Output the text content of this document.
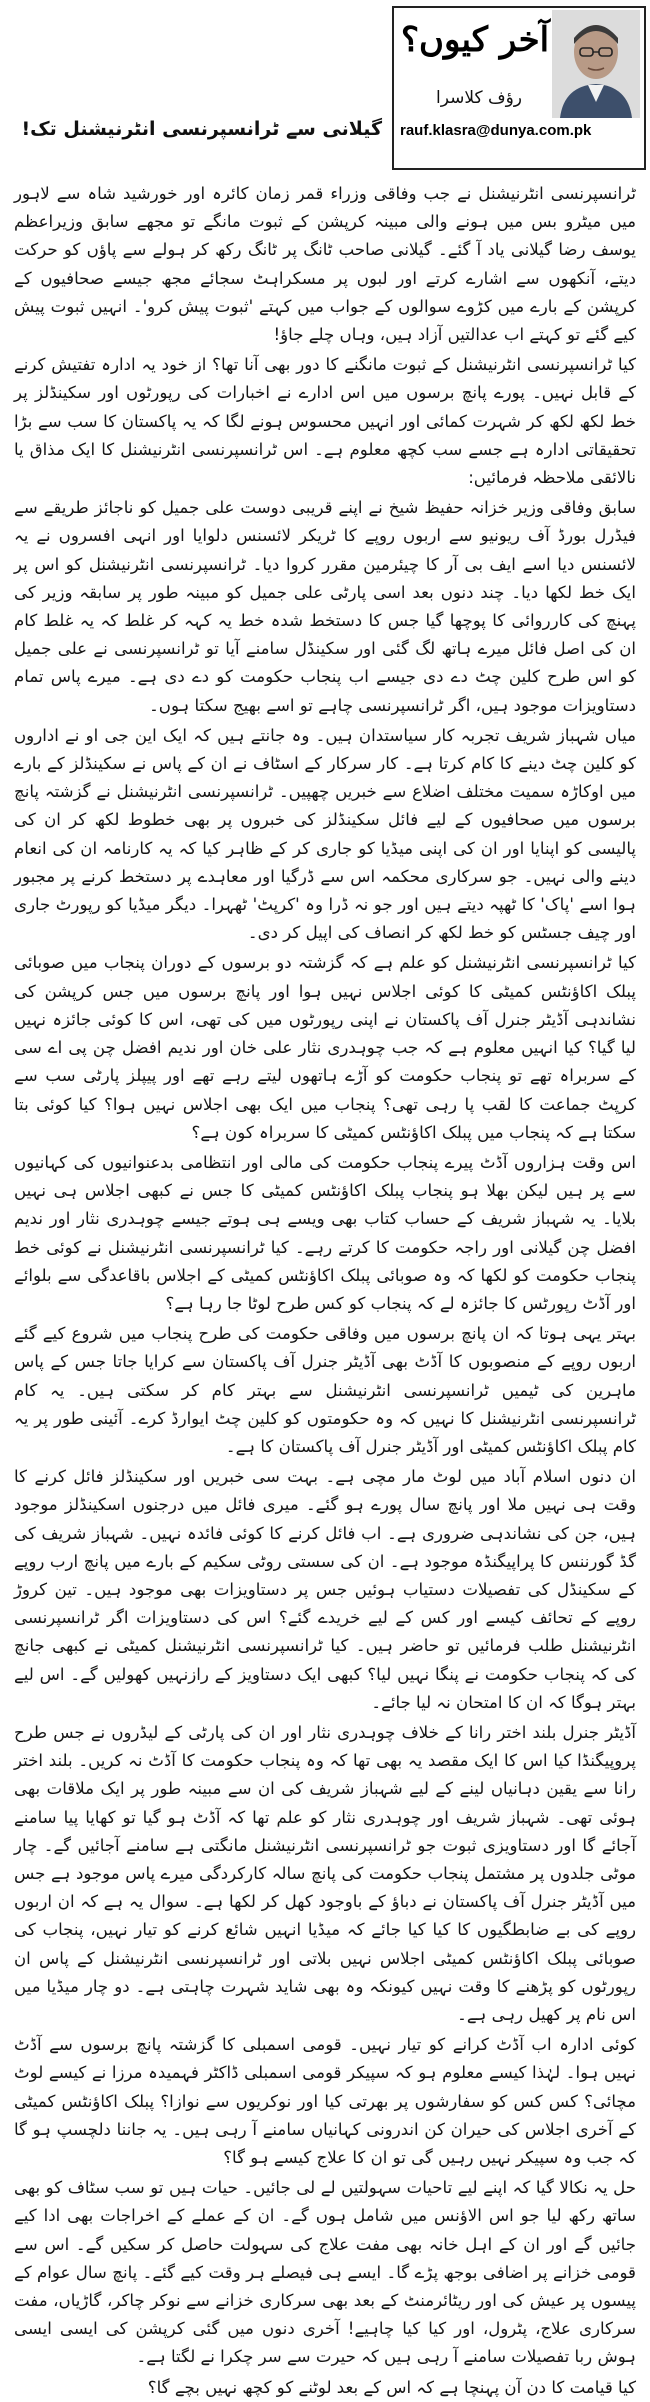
گیلانی سے ٹرانسپرنسی انٹرنیشنل تک!
آخر کیوں؟
رؤف کلاسرا
rauf.klasra@dunya.com.pk

ٹرانسپرنسی انٹرنیشنل نے جب وفاقی وزراء قمر زمان کائرہ اور خورشید شاہ سے لاہور میں میٹرو بس میں ہونے والی مبینہ کرپشن کے ثبوت مانگے تو مجھے سابق وزیراعظم یوسف رضا گیلانی یاد آ گئے۔ گیلانی صاحب ٹانگ پر ٹانگ رکھ کر ہولے سے پاؤں کو حرکت دیتے، آنکھوں سے اشارے کرتے اور لبوں پر مسکراہٹ سجائے مجھ جیسے صحافیوں کے کرپشن کے بارے میں کڑوے سوالوں کے جواب میں کہتے 'ثبوت پیش کرو'۔ انہیں ثبوت پیش کیے گئے تو کہتے اب عدالتیں آزاد ہیں، وہاں چلے جاؤ!

کیا ٹرانسپرنسی انٹرنیشنل کے ثبوت مانگنے کا دور بھی آنا تھا؟ از خود یہ ادارہ تفتیش کرنے کے قابل نہیں۔ پورے پانچ برسوں میں اس ادارے نے اخبارات کی رپورٹوں اور سکینڈلز پر خط لکھ لکھ کر شہرت کمائی اور انہیں محسوس ہونے لگا کہ یہ پاکستان کا سب سے بڑا تحقیقاتی ادارہ ہے جسے سب کچھ معلوم ہے۔ اس ٹرانسپرنسی انٹرنیشنل کا ایک مذاق یا نالائقی ملاحظہ فرمائیں:

سابق وفاقی وزیر خزانہ حفیظ شیخ نے اپنے قریبی دوست علی جمیل کو ناجائز طریقے سے فیڈرل بورڈ آف ریونیو سے اربوں روپے کا ٹریکر لائسنس دلوایا اور انہی افسروں نے یہ لائسنس دیا اسے ایف بی آر کا چیئرمین مقرر کروا دیا۔ ٹرانسپرنسی انٹرنیشنل کو اس پر ایک خط لکھا دیا۔ چند دنوں بعد اسی پارٹی علی جمیل کو مبینہ طور پر سابقہ وزیر کی پہنچ کی کارروائی کا پوچھا گیا جس کا دستخط شدہ خط یہ کہہ کر غلط کہ یہ غلط کام ان کی اصل فائل میرے ہاتھ لگ گئی اور سکینڈل سامنے آیا تو ٹرانسپرنسی نے علی جمیل کو اس طرح کلین چٹ دے دی جیسے اب پنجاب حکومت کو دے دی ہے۔ میرے پاس تمام دستاویزات موجود ہیں، اگر ٹرانسپرنسی چاہے تو اسے بھیج سکتا ہوں۔

میاں شہباز شریف تجربہ کار سیاستدان ہیں۔ وہ جانتے ہیں کہ ایک این جی او نے اداروں کو کلین چٹ دینے کا کام کرتا ہے۔ کار سرکار کے اسٹاف نے ان کے پاس نے سکینڈلز کے بارے میں اوکاڑہ سمیت مختلف اضلاع سے خبریں چھپیں۔ ٹرانسپرنسی انٹرنیشنل نے گزشتہ پانچ برسوں میں صحافیوں کے لیے فائل سکینڈلز کی خبروں پر بھی خطوط لکھ کر ان کی پالیسی کو اپنایا اور ان کی اپنی میڈیا کو جاری کر کے ظاہر کیا کہ یہ کارنامہ ان کی انعام دینے والی نہیں۔ جو سرکاری محکمہ اس سے ڈرگیا اور معاہدے پر دستخط کرنے پر مجبور ہوا اسے 'پاک' کا ٹھپہ دیتے ہیں اور جو نہ ڈرا وہ 'کرپٹ' ٹھہرا۔ دیگر میڈیا کو رپورٹ جاری اور چیف جسٹس کو خط لکھ کر انصاف کی اپیل کر دی۔

کیا ٹرانسپرنسی انٹرنیشنل کو علم ہے کہ گزشتہ دو برسوں کے دوران پنجاب میں صوبائی پبلک اکاؤنٹس کمیٹی کا کوئی اجلاس نہیں ہوا اور پانچ برسوں میں جس کرپشن کی نشاندہی آڈیٹر جنرل آف پاکستان نے اپنی رپورٹوں میں کی تھی، اس کا کوئی جائزہ نہیں لیا گیا؟ کیا انہیں معلوم ہے کہ جب چوہدری نثار علی خان اور ندیم افضل چن پی اے سی کے سربراہ تھے تو پنجاب حکومت کو آڑے ہاتھوں لیتے رہے تھے اور پیپلز پارٹی سب سے کرپٹ جماعت کا لقب پا رہی تھی؟ پنجاب میں ایک بھی اجلاس نہیں ہوا؟ کیا کوئی بتا سکتا ہے کہ پنجاب میں پبلک اکاؤنٹس کمیٹی کا سربراہ کون ہے؟

اس وقت ہزاروں آڈٹ پیرے پنجاب حکومت کی مالی اور انتظامی بدعنوانیوں کی کہانیوں سے پر ہیں لیکن بھلا ہو پنجاب پبلک اکاؤنٹس کمیٹی کا جس نے کبھی اجلاس ہی نہیں بلایا۔ یہ شہباز شریف کے حساب کتاب بھی ویسے ہی ہوتے جیسے چوہدری نثار اور ندیم افضل چن گیلانی اور راجہ حکومت کا کرتے رہے۔ کیا ٹرانسپرنسی انٹرنیشنل نے کوئی خط پنجاب حکومت کو لکھا کہ وہ صوبائی پبلک اکاؤنٹس کمیٹی کے اجلاس باقاعدگی سے بلوائے اور آڈٹ رپورٹس کا جائزہ لے کہ پنجاب کو کس طرح لوٹا جا رہا ہے؟

بہتر یہی ہوتا کہ ان پانچ برسوں میں وفاقی حکومت کی طرح پنجاب میں شروع کیے گئے اربوں روپے کے منصوبوں کا آڈٹ بھی آڈیٹر جنرل آف پاکستان سے کرایا جاتا جس کے پاس ماہرین کی ٹیمیں ٹرانسپرنسی انٹرنیشنل سے بہتر کام کر سکتی ہیں۔ یہ کام ٹرانسپرنسی انٹرنیشنل کا نہیں کہ وہ حکومتوں کو کلین چٹ ایوارڈ کرے۔ آئینی طور پر یہ کام پبلک اکاؤنٹس کمیٹی اور آڈیٹر جنرل آف پاکستان کا ہے۔

ان دنوں اسلام آباد میں لوٹ مار مچی ہے۔ بہت سی خبریں اور سکینڈلز فائل کرنے کا وقت ہی نہیں ملا اور پانچ سال پورے ہو گئے۔ میری فائل میں درجنوں اسکینڈلز موجود ہیں، جن کی نشاندہی ضروری ہے۔ اب فائل کرنے کا کوئی فائدہ نہیں۔ شہباز شریف کی گڈ گورننس کا پراپیگنڈہ موجود ہے۔ ان کی سستی روٹی سکیم کے بارے میں پانچ ارب روپے کے سکینڈل کی تفصیلات دستیاب ہوئیں جس پر دستاویزات بھی موجود ہیں۔ تین کروڑ روپے کے تحائف کیسے اور کس کے لیے خریدے گئے؟ اس کی دستاویزات اگر ٹرانسپرنسی انٹرنیشنل طلب فرمائیں تو حاضر ہیں۔ کیا ٹرانسپرنسی انٹرنیشنل کمیٹی نے کبھی جانچ کی کہ پنجاب حکومت نے پنگا نہیں لیا؟ کبھی ایک دستاویز کے رازنہیں کھولیں گے۔ اس لیے بہتر ہوگا کہ ان کا امتحان نہ لیا جائے۔

آڈیٹر جنرل بلند اختر رانا کے خلاف چوہدری نثار اور ان کی پارٹی کے لیڈروں نے جس طرح پروپیگنڈا کیا اس کا ایک مقصد یہ بھی تھا کہ وہ پنجاب حکومت کا آڈٹ نہ کریں۔ بلند اختر رانا سے یقین دہانیاں لینے کے لیے شہباز شریف کی ان سے مبینہ طور پر ایک ملاقات بھی ہوئی تھی۔ شہباز شریف اور چوہدری نثار کو علم تھا کہ آڈٹ ہو گیا تو کھایا پیا سامنے آجائے گا اور دستاویزی ثبوت جو ٹرانسپرنسی انٹرنیشنل مانگتی ہے سامنے آجائیں گے۔ چار موٹی جلدوں پر مشتمل پنجاب حکومت کی پانچ سالہ کارکردگی میرے پاس موجود ہے جس میں آڈیٹر جنرل آف پاکستان نے دباؤ کے باوجود کھل کر لکھا ہے۔ سوال یہ ہے کہ ان اربوں روپے کی بے ضابطگیوں کا کیا کیا جائے کہ میڈیا انہیں شائع کرنے کو تیار نہیں، پنجاب کی صوبائی پبلک اکاؤنٹس کمیٹی اجلاس نہیں بلاتی اور ٹرانسپرنسی انٹرنیشنل کے پاس ان رپورٹوں کو پڑھنے کا وقت نہیں کیونکہ وہ بھی شاید شہرت چاہتی ہے۔ دو چار میڈیا میں اس نام پر کھیل رہی ہے۔

کوئی ادارہ اب آڈٹ کرانے کو تیار نہیں۔ قومی اسمبلی کا گزشتہ پانچ برسوں سے آڈٹ نہیں ہوا۔ لہٰذا کیسے معلوم ہو کہ سپیکر قومی اسمبلی ڈاکٹر فہمیدہ مرزا نے کیسے لوٹ مچائی؟ کس کس کو سفارشوں پر بھرتی کیا اور نوکریوں سے نوازا؟ پبلک اکاؤنٹس کمیٹی کے آخری اجلاس کی حیران کن اندرونی کہانیاں سامنے آ رہی ہیں۔ یہ جاننا دلچسپ ہو گا کہ جب وہ سپیکر نہیں رہیں گی تو ان کا علاج کیسے ہو گا؟

حل یہ نکالا گیا کہ اپنے لیے تاحیات سہولتیں لے لی جائیں۔ حیات ہیں تو سب سٹاف کو بھی ساتھ رکھ لیا جو اس الاؤنس میں شامل ہوں گے۔ ان کے عملے کے اخراجات بھی ادا کیے جائیں گے اور ان کے اہل خانہ بھی مفت علاج کی سہولت حاصل کر سکیں گے۔ اس سے قومی خزانے پر اضافی بوجھ پڑے گا۔ ایسے ہی فیصلے ہر وقت کیے گئے۔ پانچ سال عوام کے پیسوں پر عیش کی اور ریٹائرمنٹ کے بعد بھی سرکاری خزانے سے نوکر چاکر، گاڑیاں، مفت سرکاری علاج، پٹرول، اور کیا کیا چاہیے! آخری دنوں میں گئی کرپشن کی ایسی ایسی ہوش ربا تفصیلات سامنے آ رہی ہیں کہ حیرت سے سر چکرا نے لگتا ہے۔

کیا قیامت کا دن آن پہنچا ہے کہ اس کے بعد لوٹنے کو کچھ نہیں بچے گا؟
